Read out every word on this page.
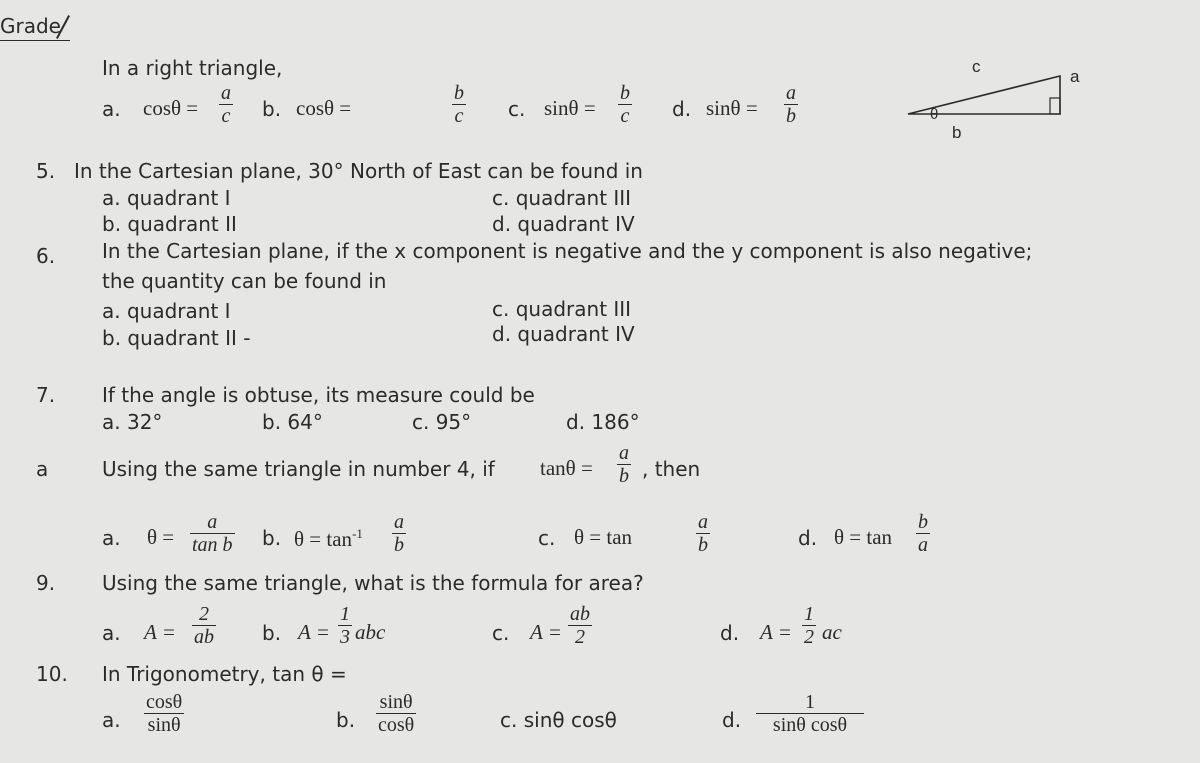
Grade
In a right triangle,
a. cosθ =
a
c b. cosθ =
b
c c. sinθ =
b
c d. sinθ =
a
b
c
a
b
θ
5. In the Cartesian plane, 30° North of East can be found in
a. quadrant I
b. quadrant II
c. quadrant III
d. quadrant IV
6. In the Cartesian plane, if the x component is negative and the y component is also negative;
the quantity can be found in
a. quadrant I
b. quadrant II -
c. quadrant III
d. quadrant IV
7. If the angle is obtuse, its measure could be
a. 32°	b. 64°	c. 95°	d. 186°
a	Using the same triangle in number 4, if tanθ =
a
b , then
a. θ =
a
tan b b. $\theta = \tan^{-1}$
a
b	c. θ = tan
a
b	d. θ = tan
b
a
9. Using the same triangle, what is the formula for area?
a. A =
2
ab b. A =
1
3 abc	c. A =
ab
2	d. A =
1
2 ac
10. In Trigonometry, tan θ =
a.
cosθ
sinθ	b.
sinθ
cosθ	c. sinθ cosθ	d.
1
sinθ cosθ
